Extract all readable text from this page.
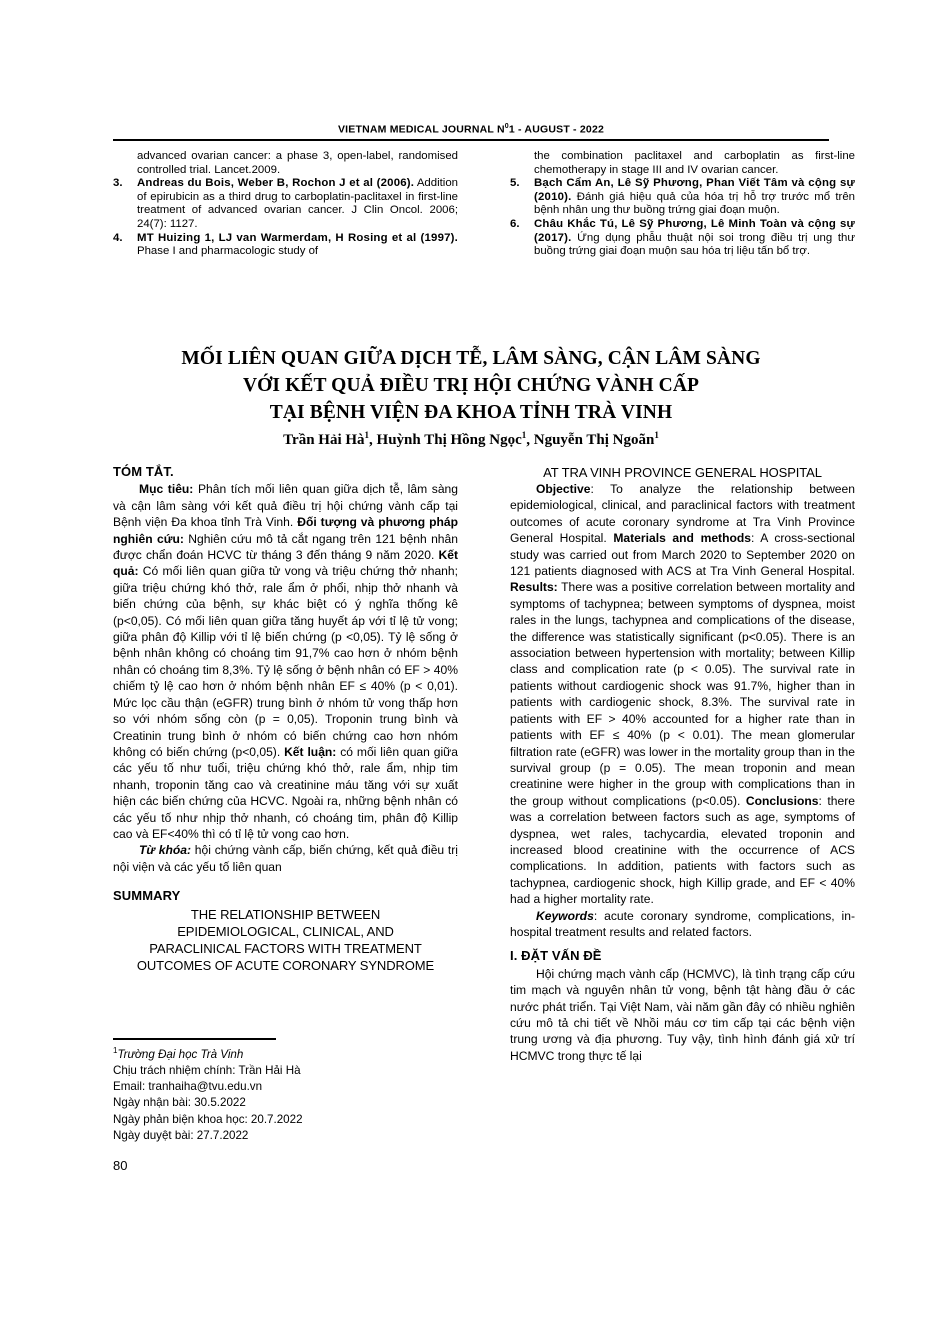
VIETNAM MEDICAL JOURNAL $N^01$ - AUGUST - 2022
advanced ovarian cancer: a phase 3, open-label, randomised controlled trial. Lancet.2009.
3.	Andreas du Bois, Weber B, Rochon J et al (2006). Addition of epirubicin as a third drug to carboplatin-paclitaxel in first-line treatment of advanced ovarian cancer. J Clin Oncol. 2006; 24(7): 1127.
4.	MT Huizing 1, LJ van Warmerdam, H Rosing et al (1997). Phase I and pharmacologic study of
the combination paclitaxel and carboplatin as first-line chemotherapy in stage III and IV ovarian cancer.
5.	Bạch Cẩm An, Lê Sỹ Phương, Phan Viết Tâm và cộng sự (2010). Đánh giá hiệu quả của hóa trị hỗ trợ trước mổ trên bệnh nhân ung thư buồng trứng giai đoạn muộn.
6.	Châu Khắc Tú, Lê Sỹ Phương, Lê Minh Toàn và cộng sự (2017). Ứng dụng phẫu thuật nội soi trong điều trị ung thư buồng trứng giai đoạn muộn sau hóa trị liệu tấn bổ trợ.
MỐI LIÊN QUAN GIỮA DỊCH TỄ, LÂM SÀNG, CẬN LÂM SÀNG
VỚI KẾT QUẢ ĐIỀU TRỊ HỘI CHỨNG VÀNH CẤP
TẠI BỆNH VIỆN ĐA KHOA TỈNH TRÀ VINH
Trần Hải $Hà^1$, Huỳnh Thị Hồng Ngọc$^1$, Nguyễn Thị Ngoãn$^1$
TÓM TẮT.

Mục tiêu: Phân tích mối liên quan giữa dịch tễ, lâm sàng và cận lâm sàng với kết quả điều trị hội chứng vành cấp tại Bệnh viện Đa khoa tỉnh Trà Vinh. Đối tượng và phương pháp nghiên cứu: Nghiên cứu mô tả cắt ngang trên 121 bệnh nhân được chẩn đoán HCVC từ tháng 3 đến tháng 9 năm 2020. Kết quả: Có mối liên quan giữa tử vong và triệu chứng thở nhanh; giữa triệu chứng khó thở, rale ẩm ở phổi, nhịp thở nhanh và biến chứng của bệnh, sự khác biệt có ý nghĩa thống kê (p<0,05). Có mối liên quan giữa tăng huyết áp với tỉ lệ tử vong; giữa phân độ Killip với tỉ lệ biến chứng (p <0,05). Tỷ lệ sống ở bệnh nhân không có choáng tim 91,7% cao hơn ở nhóm bệnh nhân có choáng tim 8,3%. Tỷ lệ sống ở bệnh nhân có EF > 40% chiếm tỷ lệ cao hơn ở nhóm bệnh nhân EF ≤ 40% (p < 0,01). Mức lọc cầu thận (eGFR) trung bình ở nhóm tử vong thấp hơn so với nhóm sống còn (p = 0,05). Troponin trung bình và Creatinin trung bình ở nhóm có biến chứng cao hơn nhóm không có biến chứng (p<0,05). Kết luận: có mối liên quan giữa các yếu tố như tuổi, triệu chứng khó thở, rale ẩm, nhịp tim nhanh, troponin tăng cao và creatinine máu tăng với sự xuất hiện các biến chứng của HCVC. Ngoài ra, những bệnh nhân có các yếu tố như nhịp thở nhanh, có choáng tim, phân độ Killip cao và EF<40% thì có tỉ lệ tử vong cao hơn.

Từ khóa: hội chứng vành cấp, biến chứng, kết quả điều trị nội viện và các yếu tố liên quan

SUMMARY
THE RELATIONSHIP BETWEEN
EPIDEMIOLOGICAL, CLINICAL, AND
PARACLINICAL FACTORS WITH TREATMENT
OUTCOMES OF ACUTE CORONARY SYNDROME
AT TRA VINH PROVINCE GENERAL HOSPITAL

Objective: To analyze the relationship between epidemiological, clinical, and paraclinical factors with treatment outcomes of acute coronary syndrome at Tra Vinh Province General Hospital. Materials and methods: A cross-sectional study was carried out from March 2020 to September 2020 on 121 patients diagnosed with ACS at Tra Vinh General Hospital. Results: There was a positive correlation between mortality and symptoms of tachypnea; between symptoms of dyspnea, moist rales in the lungs, tachypnea and complications of the disease, the difference was statistically significant (p<0.05). There is an association between hypertension with mortality; between Killip class and complication rate (p < 0.05). The survival rate in patients without cardiogenic shock was 91.7%, higher than in patients with cardiogenic shock, 8.3%. The survival rate in patients with EF > 40% accounted for a higher rate than in patients with EF ≤ 40% (p < 0.01). The mean glomerular filtration rate (eGFR) was lower in the mortality group than in the survival group (p = 0.05). The mean troponin and mean creatinine were higher in the group with complications than in the group without complications (p<0.05). Conclusions: there was a correlation between factors such as age, symptoms of dyspnea, wet rales, tachycardia, elevated troponin and increased blood creatinine with the occurrence of ACS complications. In addition, patients with factors such as tachypnea, cardiogenic shock, high Killip grade, and EF < 40% had a higher mortality rate.

Keywords: acute coronary syndrome, complications, in-hospital treatment results and related factors.

I. ĐẶT VẤN ĐỀ

Hội chứng mạch vành cấp (HCMVC), là tình trạng cấp cứu tim mạch và nguyên nhân tử vong, bệnh tật hàng đầu ở các nước phát triển. Tại Việt Nam, vài năm gần đây có nhiều nghiên cứu mô tả chi tiết về Nhồi máu cơ tim cấp tại các bệnh viện trung ương và địa phương. Tuy vậy, tình hình đánh giá xử trí HCMVC trong thực tế lại

$^1$Trường Đại học Trà Vinh
Chịu trách nhiệm chính: Trần Hải Hà
Email: tranhaiha@tvu.edu.vn
Ngày nhận bài: 30.5.2022
Ngày phản biện khoa học: 20.7.2022
Ngày duyệt bài: 27.7.2022
80
